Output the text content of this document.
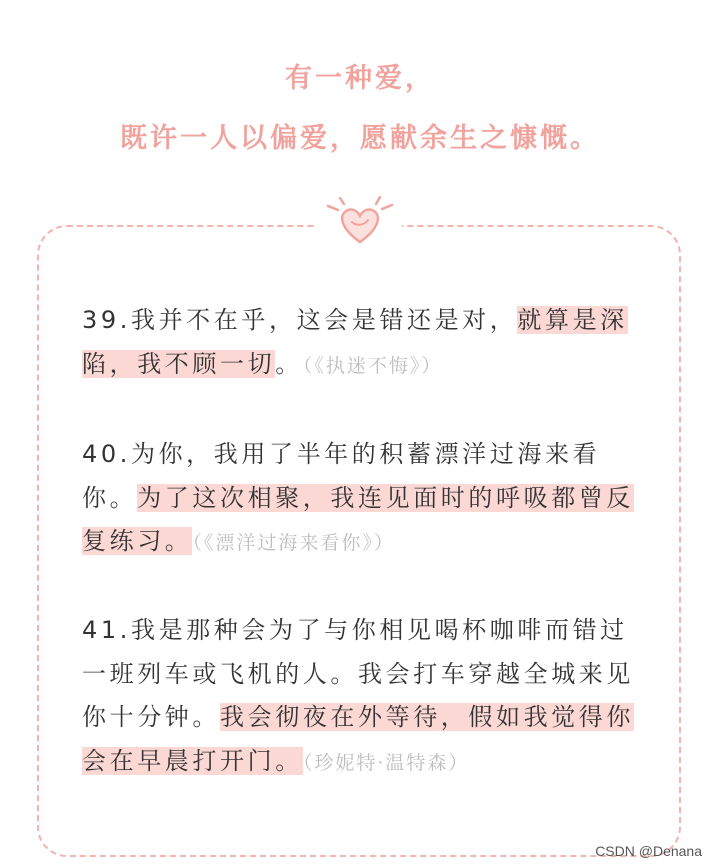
有一种爱，
既许一人以偏爱，愿献余生之慷慨。
39.我并不在乎，这会是错还是对，就算是深陷，我不顾一切。（《执迷不悔》）
40.为你，我用了半年的积蓄漂洋过海来看你。为了这次相聚，我连见面时的呼吸都曾反复练习。（《漂洋过海来看你》）
41.我是那种会为了与你相见喝杯咖啡而错过一班列车或飞机的人。我会打车穿越全城来见你十分钟。我会彻夜在外等待，假如我觉得你会在早晨打开门。（珍妮特·温特森）
CSDN @Denana
